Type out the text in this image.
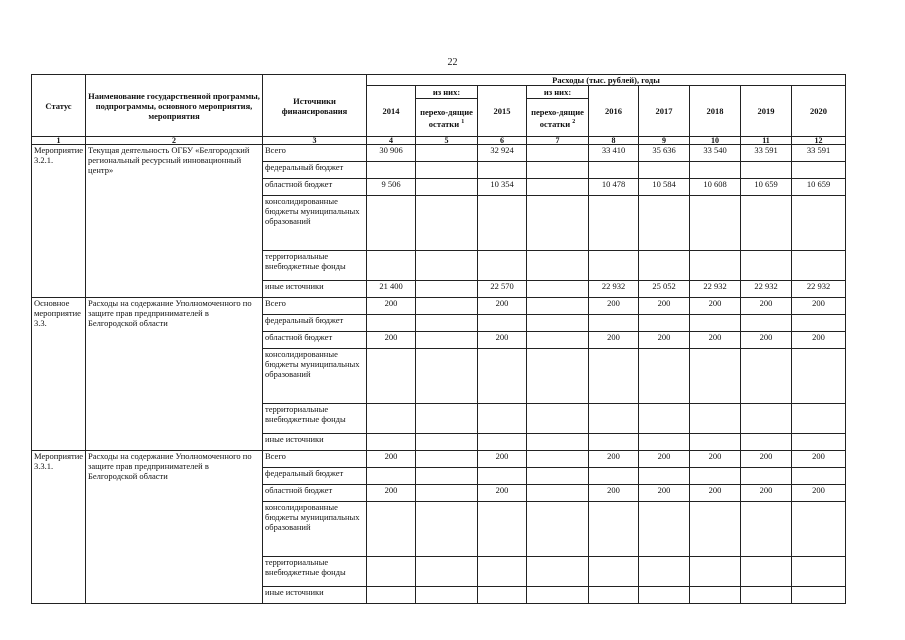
22
Статус	Наименование государственной программы, подпрограммы, основного мероприятия, мероприятия	Источники финансирования	Расходы (тыс. рублей), годы								
			2014	из них:	2015	из них:	2016	2017	2018	2019	2020
				перехо-дящие остатки $^1$		перехо-дящие остатки $^2$
1	2	3	4	5	6	7	8	9	10	11	12
Мероприятие 3.2.1.	Текущая деятельность ОГБУ «Белгородский региональный ресурсный инновационный центр»	Всего	30 906		32 924		33 410	35 636	33 540	33 591	33 591
		федеральный бюджет									
		областной бюджет	9 506		10 354		10 478	10 584	10 608	10 659	10 659
		консолидированные бюджеты муниципальных образований									
		территориальные внебюджетные фонды									
		иные источники	21 400		22 570		22 932	25 052	22 932	22 932	22 932
Основное мероприятие 3.3.	Расходы на содержание Уполномоченного по защите прав предпринимателей в Белгородской области	Всего	200		200		200	200	200	200	200
		федеральный бюджет									
		областной бюджет	200		200		200	200	200	200	200
		консолидированные бюджеты муниципальных образований									
		территориальные внебюджетные фонды									
		иные источники									
Мероприятие 3.3.1.	Расходы на содержание Уполномоченного по защите прав предпринимателей в Белгородской области	Всего	200		200		200	200	200	200	200
		федеральный бюджет									
		областной бюджет	200		200		200	200	200	200	200
		консолидированные бюджеты муниципальных образований									
		территориальные внебюджетные фонды									
		иные источники									
